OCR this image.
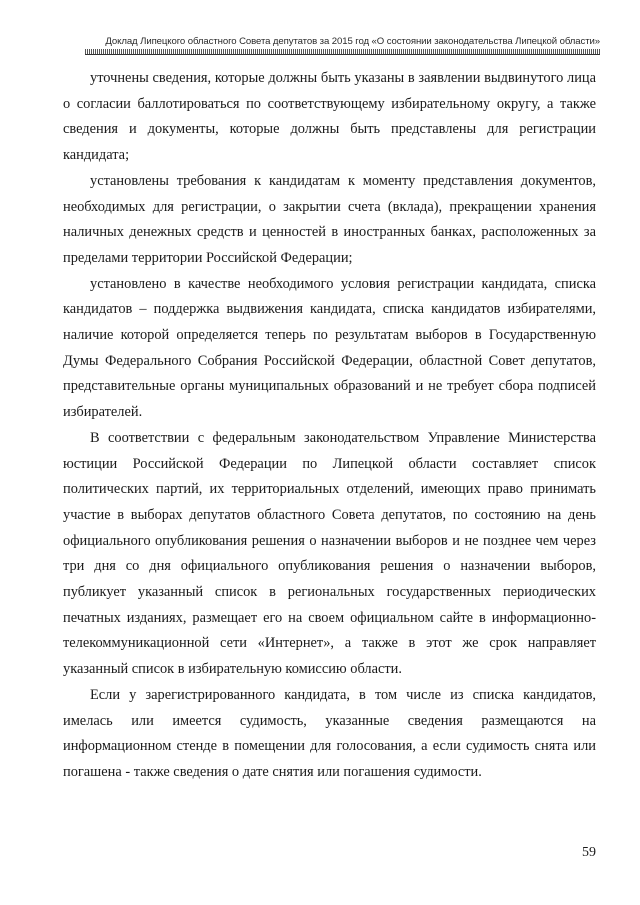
Доклад Липецкого областного Совета депутатов за 2015 год «О состоянии законодательства Липецкой области»

уточнены сведения, которые должны быть указаны в заявлении выдвинутого лица о согласии баллотироваться по соответствующему избирательному округу, а также сведения и документы, которые должны быть представлены для регистрации кандидата;

установлены требования к кандидатам к моменту представления документов, необходимых для регистрации, о закрытии счета (вклада), прекращении хранения наличных денежных средств и ценностей в иностранных банках, расположенных за пределами территории Российской Федерации;

установлено в качестве необходимого условия регистрации кандидата, списка кандидатов – поддержка выдвижения кандидата, списка кандидатов избирателями, наличие которой определяется теперь по результатам выборов в Государственную Думы Федерального Собрания Российской Федерации, областной Совет депутатов, представительные органы муниципальных образований и не требует сбора подписей избирателей.

В соответствии с федеральным законодательством Управление Министерства юстиции Российской Федерации по Липецкой области составляет список политических партий, их территориальных отделений, имеющих право принимать участие в выборах депутатов областного Совета депутатов, по состоянию на день официального опубликования решения о назначении выборов и не позднее чем через три дня со дня официального опубликования решения о назначении выборов, публикует указанный список в региональных государственных периодических печатных изданиях, размещает его на своем официальном сайте в информационно-телекоммуникационной сети «Интернет», а также в этот же срок направляет указанный список в избирательную комиссию области.

Если у зарегистрированного кандидата, в том числе из списка кандидатов, имелась или имеется судимость, указанные сведения размещаются на информационном стенде в помещении для голосования, а если судимость снята или погашена - также сведения о дате снятия или погашения судимости.

59
